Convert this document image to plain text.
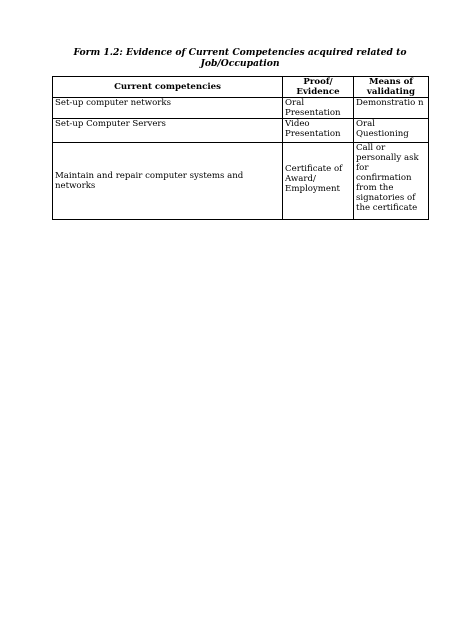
Form 1.2: Evidence of Current Competencies acquired related to
Job/Occupation
Current competencies	Proof/ Evidence	Means of validating
Set-up computer networks	Oral Presentation	Demonstratio n
Set-up Computer Servers	Video Presentation	Oral Questioning
Maintain and repair computer systems and networks	Certificate of Award/ Employment	Call or personally ask for confirmation from the signatories of the certificate
